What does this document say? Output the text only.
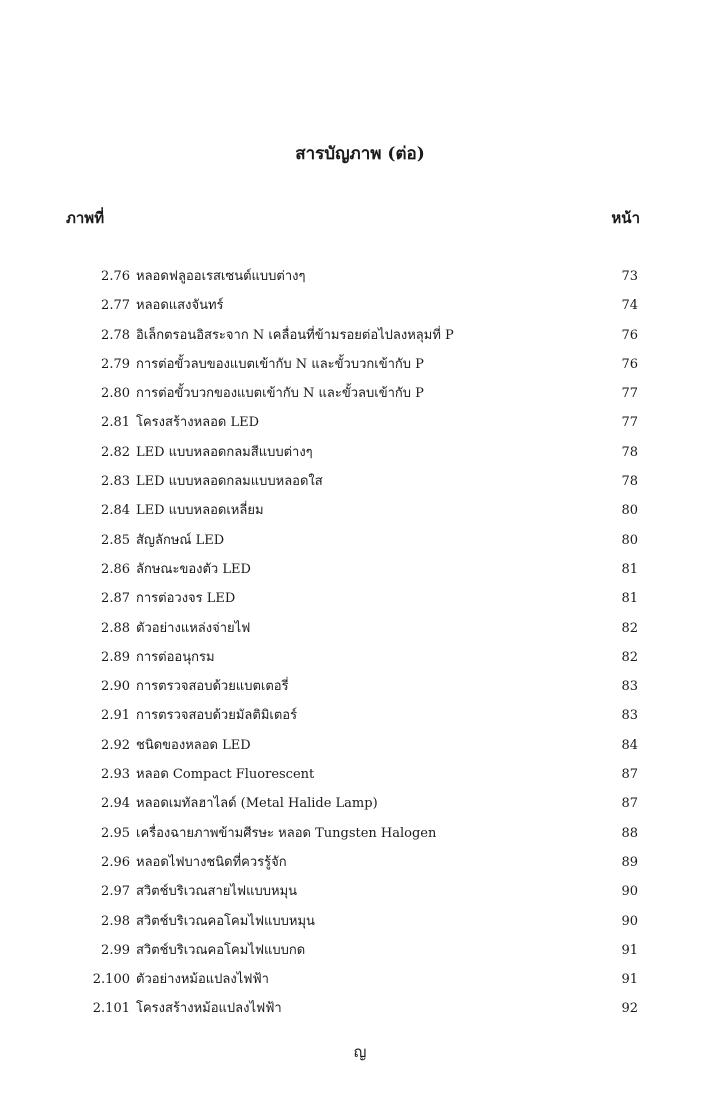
สารบัญภาพ (ต่อ)
ภาพที่	หน้า
2.76 หลอดฟลูออเรสเซนต์แบบต่างๆ	73
2.77 หลอดแสงจันทร์	74
2.78 อิเล็กตรอนอิสระจาก N เคลื่อนที่ข้ามรอยต่อไปลงหลุมที่ P	76
2.79 การต่อขั้วลบของแบตเข้ากับ N และขั้วบวกเข้ากับ P	76
2.80 การต่อขั้วบวกของแบตเข้ากับ N และขั้วลบเข้ากับ P	77
2.81 โครงสร้างหลอด LED	77
2.82 LED แบบหลอดกลมสีแบบต่างๆ	78
2.83 LED แบบหลอดกลมแบบหลอดใส	78
2.84 LED แบบหลอดเหลี่ยม	80
2.85 สัญลักษณ์ LED	80
2.86 ลักษณะของตัว LED	81
2.87 การต่อวงจร LED	81
2.88 ตัวอย่างแหล่งจ่ายไฟ	82
2.89 การต่ออนุกรม	82
2.90 การตรวจสอบด้วยแบตเตอรี่	83
2.91 การตรวจสอบด้วยมัลติมิเตอร์	83
2.92 ชนิดของหลอด LED	84
2.93 หลอด Compact Fluorescent	87
2.94 หลอดเมทัลฮาไลด์ (Metal Halide Lamp)	87
2.95 เครื่องฉายภาพข้ามศีรษะ หลอด Tungsten Halogen	88
2.96 หลอดไฟบางชนิดที่ควรรู้จัก	89
2.97 สวิตช์บริเวณสายไฟแบบหมุน	90
2.98 สวิตช์บริเวณคอโคมไฟแบบหมุน	90
2.99 สวิตช์บริเวณคอโคมไฟแบบกด	91
2.100 ตัวอย่างหม้อแปลงไฟฟ้า	91
2.101 โครงสร้างหม้อแปลงไฟฟ้า	92
ญ
